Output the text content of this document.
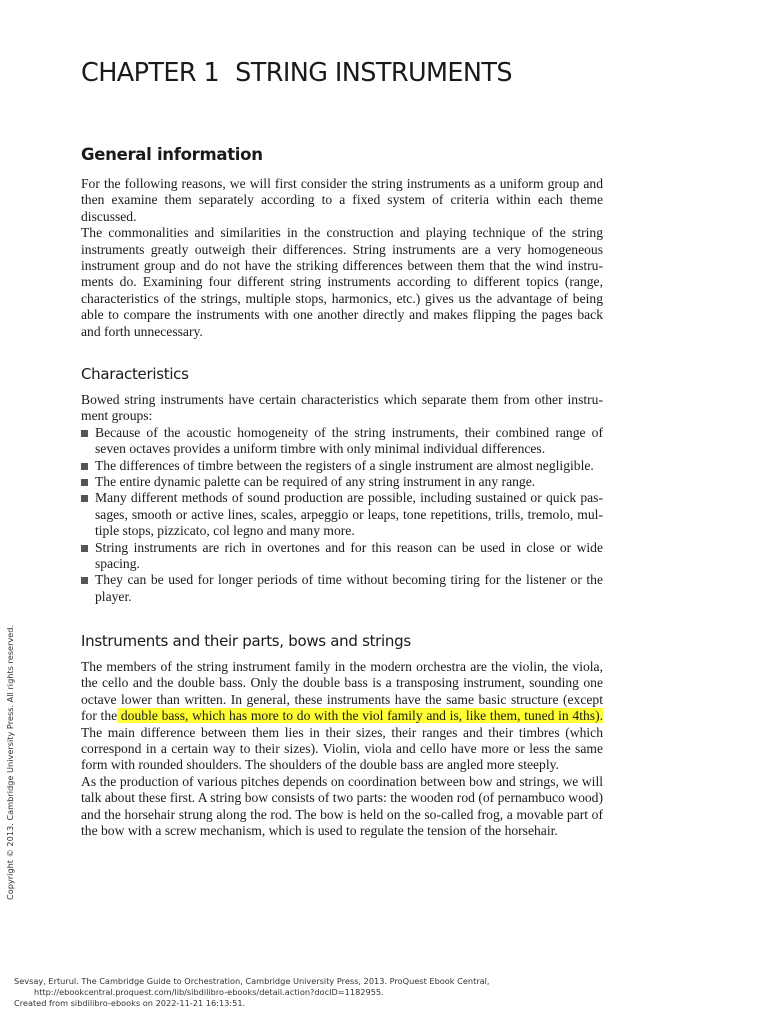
CHAPTER 1 STRING INSTRUMENTS
General information

For the following reasons, we will first consider the string instruments as a uniform group and then examine them separately according to a fixed system of criteria within each theme discussed.

The commonalities and similarities in the construction and playing technique of the string instruments greatly outweigh their differences. String instruments are a very homogeneous instrument group and do not have the striking differences between them that the wind instruments do. Examining four different string instruments according to different topics (range, characteristics of the strings, multiple stops, harmonics, etc.) gives us the advantage of being able to compare the instruments with one another directly and makes flipping the pages back and forth unnecessary.

Characteristics

Bowed string instruments have certain characteristics which separate them from other instrument groups:

Because of the acoustic homogeneity of the string instruments, their combined range of seven octaves provides a uniform timbre with only minimal individual differences.
The differences of timbre between the registers of a single instrument are almost negligible.
The entire dynamic palette can be required of any string instrument in any range.
Many different methods of sound production are possible, including sustained or quick passages, smooth or active lines, scales, arpeggio or leaps, tone repetitions, trills, tremolo, multiple stops, pizzicato, col legno and many more.
String instruments are rich in overtones and for this reason can be used in close or wide spacing.
They can be used for longer periods of time without becoming tiring for the listener or the player.
Instruments and their parts, bows and strings

The members of the string instrument family in the modern orchestra are the violin, the viola, the cello and the double bass. Only the double bass is a transposing instrument, sounding one octave lower than written. In general, these instruments have the same basic structure (except for the double bass, which has more to do with the viol family and is, like them, tuned in 4ths). The main difference between them lies in their sizes, their ranges and their timbres (which correspond in a certain way to their sizes). Violin, viola and cello have more or less the same form with rounded shoulders. The shoulders of the double bass are angled more steeply.

As the production of various pitches depends on coordination between bow and strings, we will talk about these first. A string bow consists of two parts: the wooden rod (of pernambuco wood) and the horsehair strung along the rod. The bow is held on the so-called frog, a movable part of the bow with a screw mechanism, which is used to regulate the tension of the horsehair.

Copyright © 2013. Cambridge University Press. All rights reserved.
Sevsay, Erturul. The Cambridge Guide to Orchestration, Cambridge University Press, 2013. ProQuest Ebook Central,
http://ebookcentral.proquest.com/lib/sibdilibro-ebooks/detail.action?docID=1182955.
Created from sibdilibro-ebooks on 2022-11-21 16:13:51.
